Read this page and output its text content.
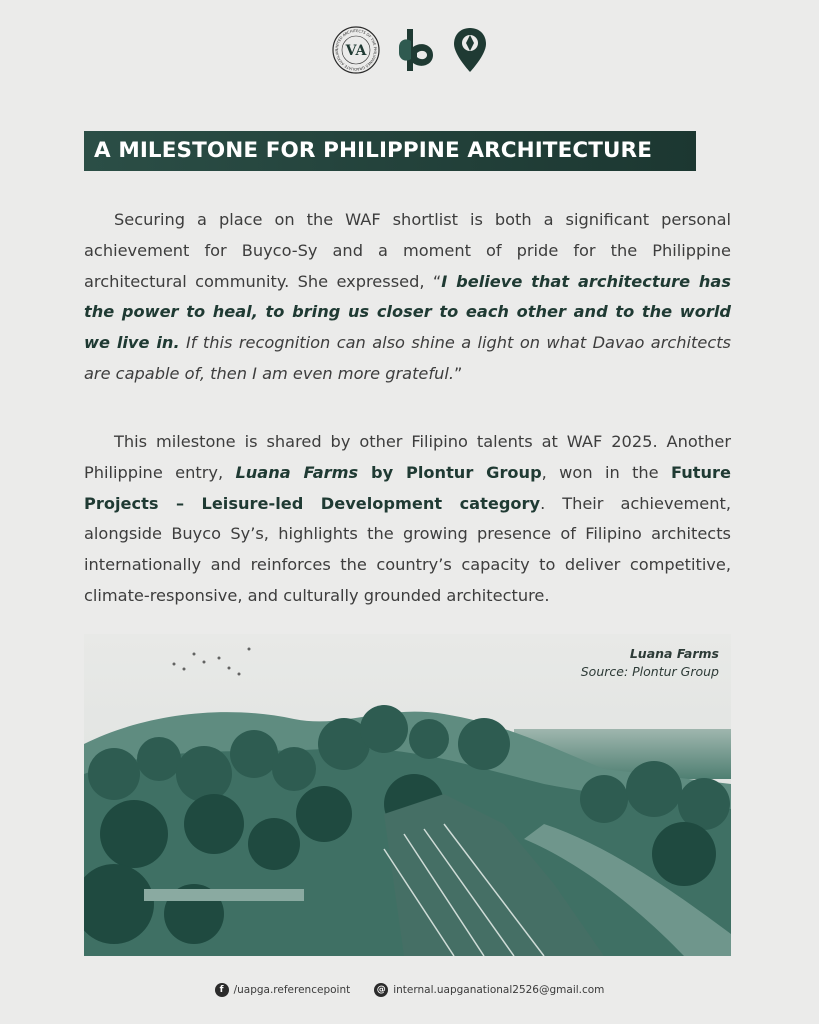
UNITED ARCHITECTS OF THE PHILIPPINES GRADUATE AUXILIAR VA
A MILESTONE FOR PHILIPPINE ARCHITECTURE

Securing a place on the WAF shortlist is both a significant personal achievement for Buyco-Sy and a moment of pride for the Philippine architectural community. She expressed, “I believe that architecture has the power to heal, to bring us closer to each other and to the world we live in. If this recognition can also shine a light on what Davao architects are capable of, then I am even more grateful.”

This milestone is shared by other Filipino talents at WAF 2025. Another Philippine entry, Luana Farms by Plontur Group, won in the Future Projects – Leisure-led Development category. Their achievement, alongside Buyco Sy’s, highlights the growing presence of Filipino architects internationally and reinforces the country’s capacity to deliver competitive, climate-responsive, and culturally grounded architecture.

Luana Farms
Source: Plontur Group
f /uapga.referencepoint	@ internal.uapganational2526@gmail.com
